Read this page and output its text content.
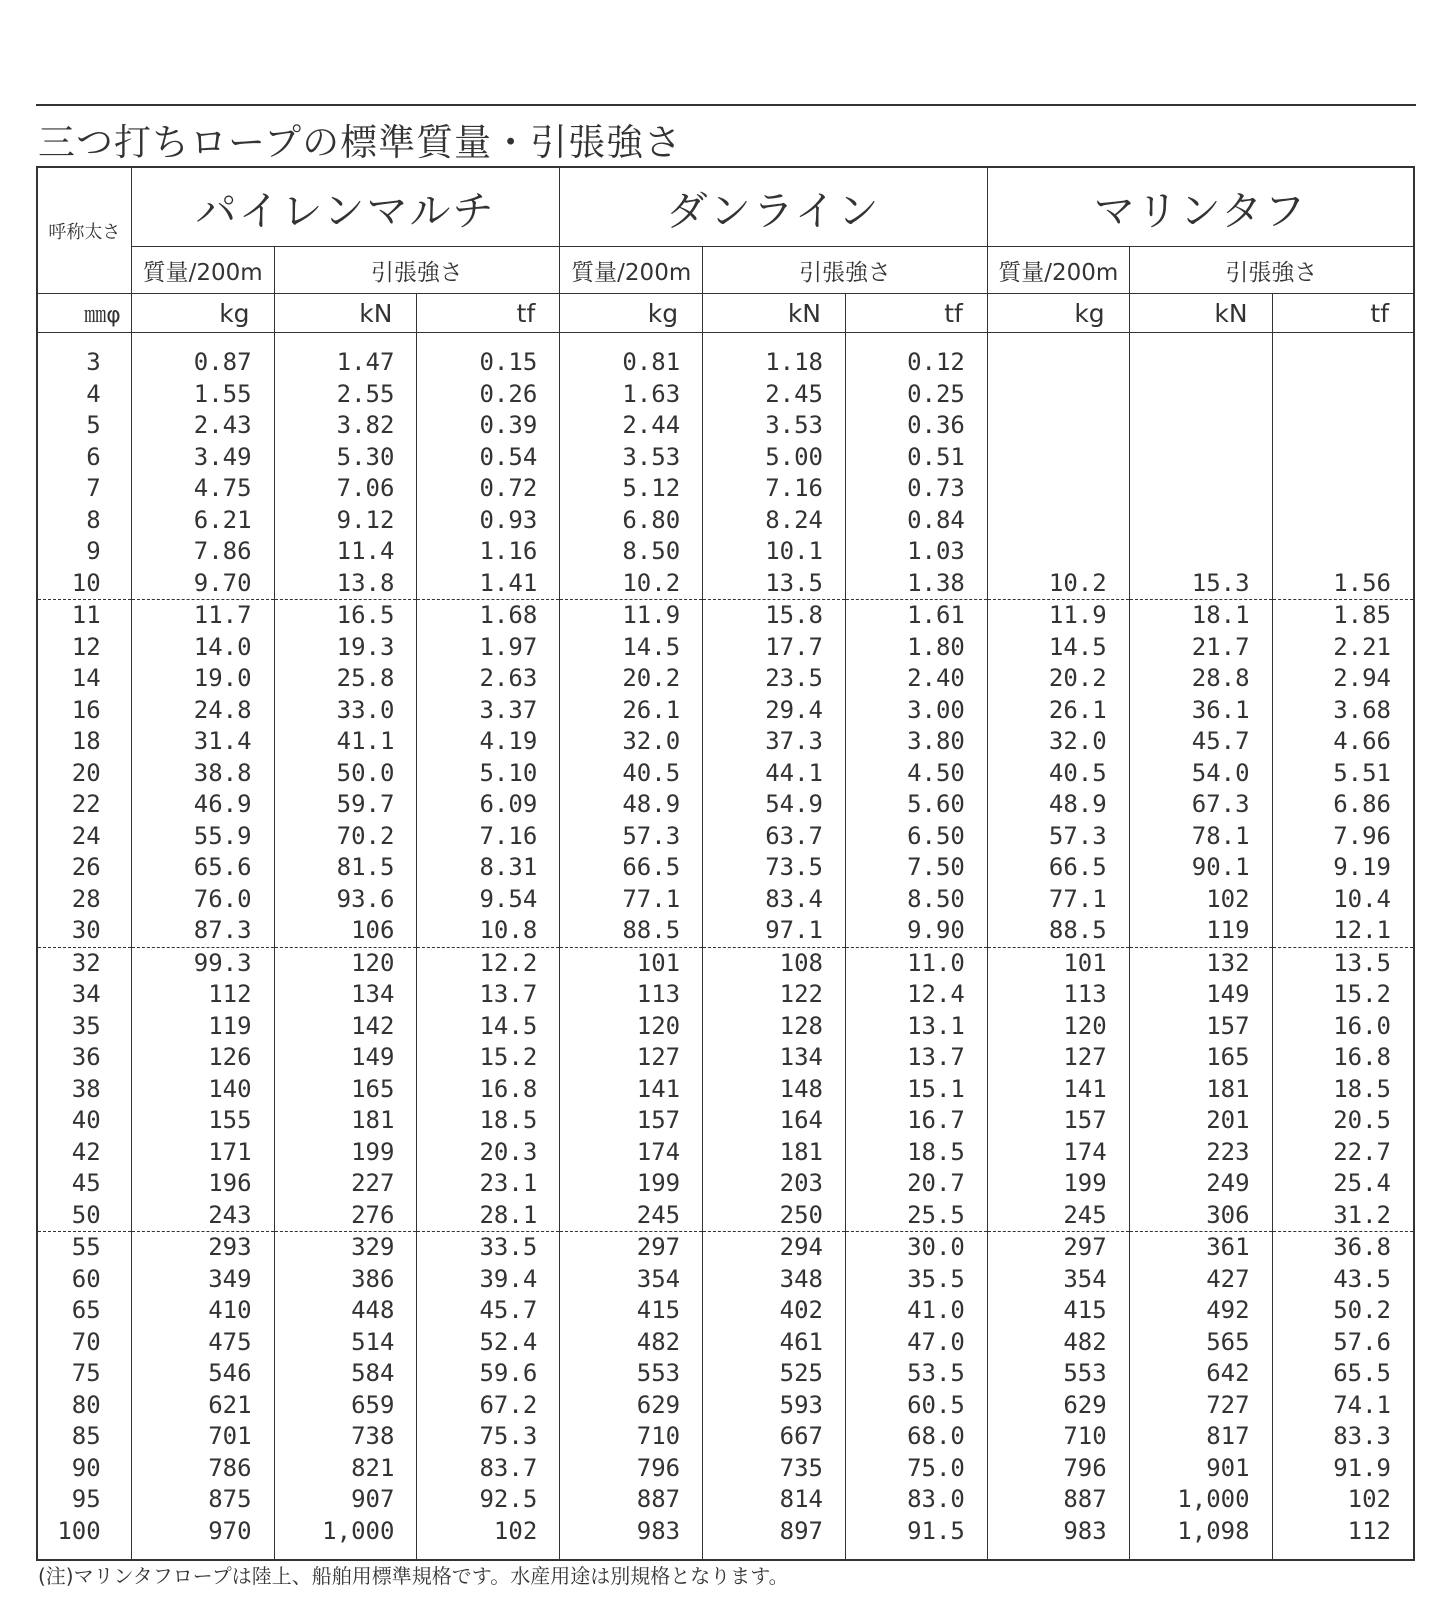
三つ打ちロープの標準質量・引張強さ
呼称太さ	パイレンマルチ			ダンライン			マリンタフ		
	質量/200m	引張強さ		質量/200m	引張強さ		質量/200m	引張強さ	
㎜φ	kg	kN	tf	kg	kN	tf	kg	kN	tf

3	0.87	1.47	0.15	0.81	1.18	0.12			
4	1.55	2.55	0.26	1.63	2.45	0.25			
5	2.43	3.82	0.39	2.44	3.53	0.36			
6	3.49	5.30	0.54	3.53	5.00	0.51			
7	4.75	7.06	0.72	5.12	7.16	0.73			
8	6.21	9.12	0.93	6.80	8.24	0.84			
9	7.86	11.4	1.16	8.50	10.1	1.03			
10	9.70	13.8	1.41	10.2	13.5	1.38	10.2	15.3	1.56
11	11.7	16.5	1.68	11.9	15.8	1.61	11.9	18.1	1.85
12	14.0	19.3	1.97	14.5	17.7	1.80	14.5	21.7	2.21
14	19.0	25.8	2.63	20.2	23.5	2.40	20.2	28.8	2.94
16	24.8	33.0	3.37	26.1	29.4	3.00	26.1	36.1	3.68
18	31.4	41.1	4.19	32.0	37.3	3.80	32.0	45.7	4.66
20	38.8	50.0	5.10	40.5	44.1	4.50	40.5	54.0	5.51
22	46.9	59.7	6.09	48.9	54.9	5.60	48.9	67.3	6.86
24	55.9	70.2	7.16	57.3	63.7	6.50	57.3	78.1	7.96
26	65.6	81.5	8.31	66.5	73.5	7.50	66.5	90.1	9.19
28	76.0	93.6	9.54	77.1	83.4	8.50	77.1	102	10.4
30	87.3	106	10.8	88.5	97.1	9.90	88.5	119	12.1
32	99.3	120	12.2	101	108	11.0	101	132	13.5
34	112	134	13.7	113	122	12.4	113	149	15.2
35	119	142	14.5	120	128	13.1	120	157	16.0
36	126	149	15.2	127	134	13.7	127	165	16.8
38	140	165	16.8	141	148	15.1	141	181	18.5
40	155	181	18.5	157	164	16.7	157	201	20.5
42	171	199	20.3	174	181	18.5	174	223	22.7
45	196	227	23.1	199	203	20.7	199	249	25.4
50	243	276	28.1	245	250	25.5	245	306	31.2
55	293	329	33.5	297	294	30.0	297	361	36.8
60	349	386	39.4	354	348	35.5	354	427	43.5
65	410	448	45.7	415	402	41.0	415	492	50.2
70	475	514	52.4	482	461	47.0	482	565	57.6
75	546	584	59.6	553	525	53.5	553	642	65.5
80	621	659	67.2	629	593	60.5	629	727	74.1
85	701	738	75.3	710	667	68.0	710	817	83.3
90	786	821	83.7	796	735	75.0	796	901	91.9
95	875	907	92.5	887	814	83.0	887	1,000	102
100	970	1,000	102	983	897	91.5	983	1,098	112

(注)マリンタフロープは陸上、船舶用標準規格です。水産用途は別規格となります。
